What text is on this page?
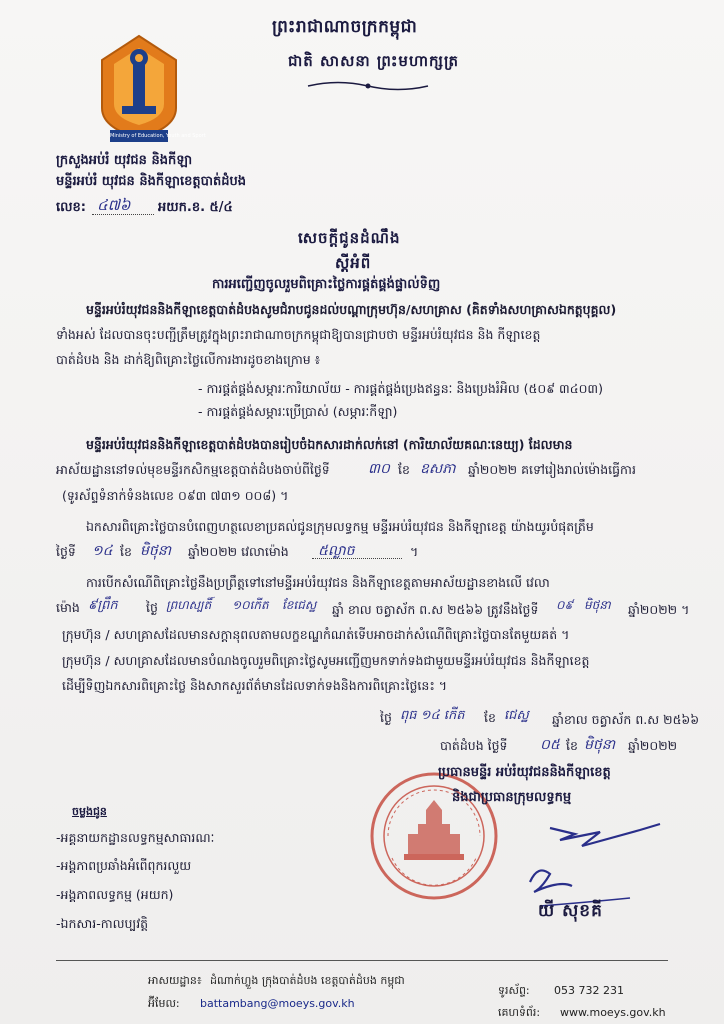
ព្រះរាជាណាចក្រកម្ពុជា
ជាតិ សាសនា ព្រះមហាក្សត្រ
Ministry of Education, Youth and Sport
ក្រសួងអប់រំ យុវជន និងកីឡា
មន្ទីរអប់រំ យុវជន និងកីឡាខេត្តបាត់ដំបង
លេខ: ៤៧៦ អយក.ខ. ៥/៤
សេចក្ដីជូនដំណឹង
ស្ដីអំពី
ការអញ្ជើញចូលរួមពិគ្រោះថ្លៃការផ្គត់ផ្គង់ផ្ទាល់ទិញ
មន្ទីរអប់រំយុវជននិងកីឡាខេត្តបាត់ដំបងសូមជំរាបជូនដល់បណ្ដាក្រុមហ៊ុន/សហគ្រាស (គិតទាំងសហគ្រាសឯកត្តបុគ្គល)
ទាំងអស់ ដែលបានចុះបញ្ជីត្រឹមត្រូវក្នុងព្រះរាជាណាចក្រកម្ពុជាឱ្យបានជ្រាបថា មន្ទីរអប់រំយុវជន និង កីឡាខេត្ត
បាត់ដំបង និង ដាក់ឱ្យពិគ្រោះថ្លៃលើការងារដូចខាងក្រោម ៖
- ការផ្គត់ផ្គង់សម្ភារៈការិយាល័យ - ការផ្គត់ផ្គង់ប្រេងឥន្ធនៈ និងប្រេងរំអិល (៥០៩ ៣៤០៣)
- ការផ្គត់ផ្គង់សម្ភារៈប្រើប្រាស់ (សម្ភារៈកីឡា)
មន្ទីរអប់រំយុវជននិងកីឡាខេត្តបាត់ដំបងបានរៀបចំឯកសារដាក់លក់នៅ (ការិយាល័យគណៈនេយ្យ) ដែលមាន
អាស័យដ្ឋាននៅទល់មុខមន្ទីរកសិកម្មខេត្តបាត់ដំបងចាប់ពីថ្ងៃទី	៣០ ខែ ឧសភា ឆ្នាំ២០២២ គទៅរៀងរាល់ម៉ោងធ្វើការ
(ទូរស័ព្ទទំនាក់ទំនងលេខ ០៩៣ ៧៣១ ០០៨) ។
ឯកសារពិគ្រោះថ្លៃបានបំពេញហត្ថលេខាប្រគល់ជូនក្រុមលទ្ធកម្ម មន្ទីរអប់រំយុវជន និងកីឡាខេត្ត យ៉ាងយូរបំផុតត្រឹម
ថ្ងៃទី ១៤ ខែ មិថុនា ឆ្នាំ២០២២ វេលាម៉ោង ៥ល្ងាច	។
ការបើកសំណើពិគ្រោះថ្លៃនឹងប្រព្រឹត្តទៅនៅមន្ទីរអប់រំយុវជន និងកីឡាខេត្តតាមអាស័យដ្ឋានខាងលើ វេលា
ម៉ោង ៩ព្រឹក ថ្ងៃ ព្រហស្បតិ៍ ១០កើត ខែជេស្ឋ ឆ្នាំ ខាល ចត្វាស័ក ព.ស ២៥៦៦ ត្រូវនឹងថ្ងៃទី ០៩ មិថុនា ឆ្នាំ២០២២ ។
ក្រុមហ៊ុន / សហគ្រាសដែលមានសក្ដានុពលតាមលក្ខខណ្ឌកំណត់ទើបអាចដាក់សំណើពិគ្រោះថ្លៃបានតែមួយគត់ ។
ក្រុមហ៊ុន / សហគ្រាសដែលមានបំណងចូលរួមពិគ្រោះថ្លៃសូមអញ្ជើញមកទាក់ទងជាមួយមន្ទីរអប់រំយុវជន និងកីឡាខេត្ត
ដើម្បីទិញឯកសារពិគ្រោះថ្លៃ និងសាកសួរព័ត៌មានដែលទាក់ទងនិងការពិគ្រោះថ្លៃនេះ ។
ថ្ងៃ ពុធ ១៤ កើត ខែ ជេស្ឋ ឆ្នាំខាល ចត្វាស័ក ព.ស ២៥៦៦
បាត់ដំបង ថ្ងៃទី ០៥ ខែ មិថុនា ឆ្នាំ២០២២
ប្រធានមន្ទីរ អប់រំយុវជននិងកីឡាខេត្ត
និងជាប្រធានក្រុមលទ្ធកម្ម
យី សុខគី
ចម្លងជូន
-អគ្គនាយកដ្ឋានលទ្ធកម្មសាធារណៈ
-អង្គភាពប្រឆាំងអំពើពុករលួយ
-អង្គភាពលទ្ធកម្ម (អយក)
-ឯកសារ-កាលប្បវត្តិ
អាសយដ្ឋាន៖ ដំណាក់ហ្លួង ក្រុងបាត់ដំបង ខេត្តបាត់ដំបង កម្ពុជា
អ៊ីមែល: battambang@moeys.gov.kh
ទូរស័ព្ទ: 053 732 231
គេហទំព័រ: www.moeys.gov.kh
